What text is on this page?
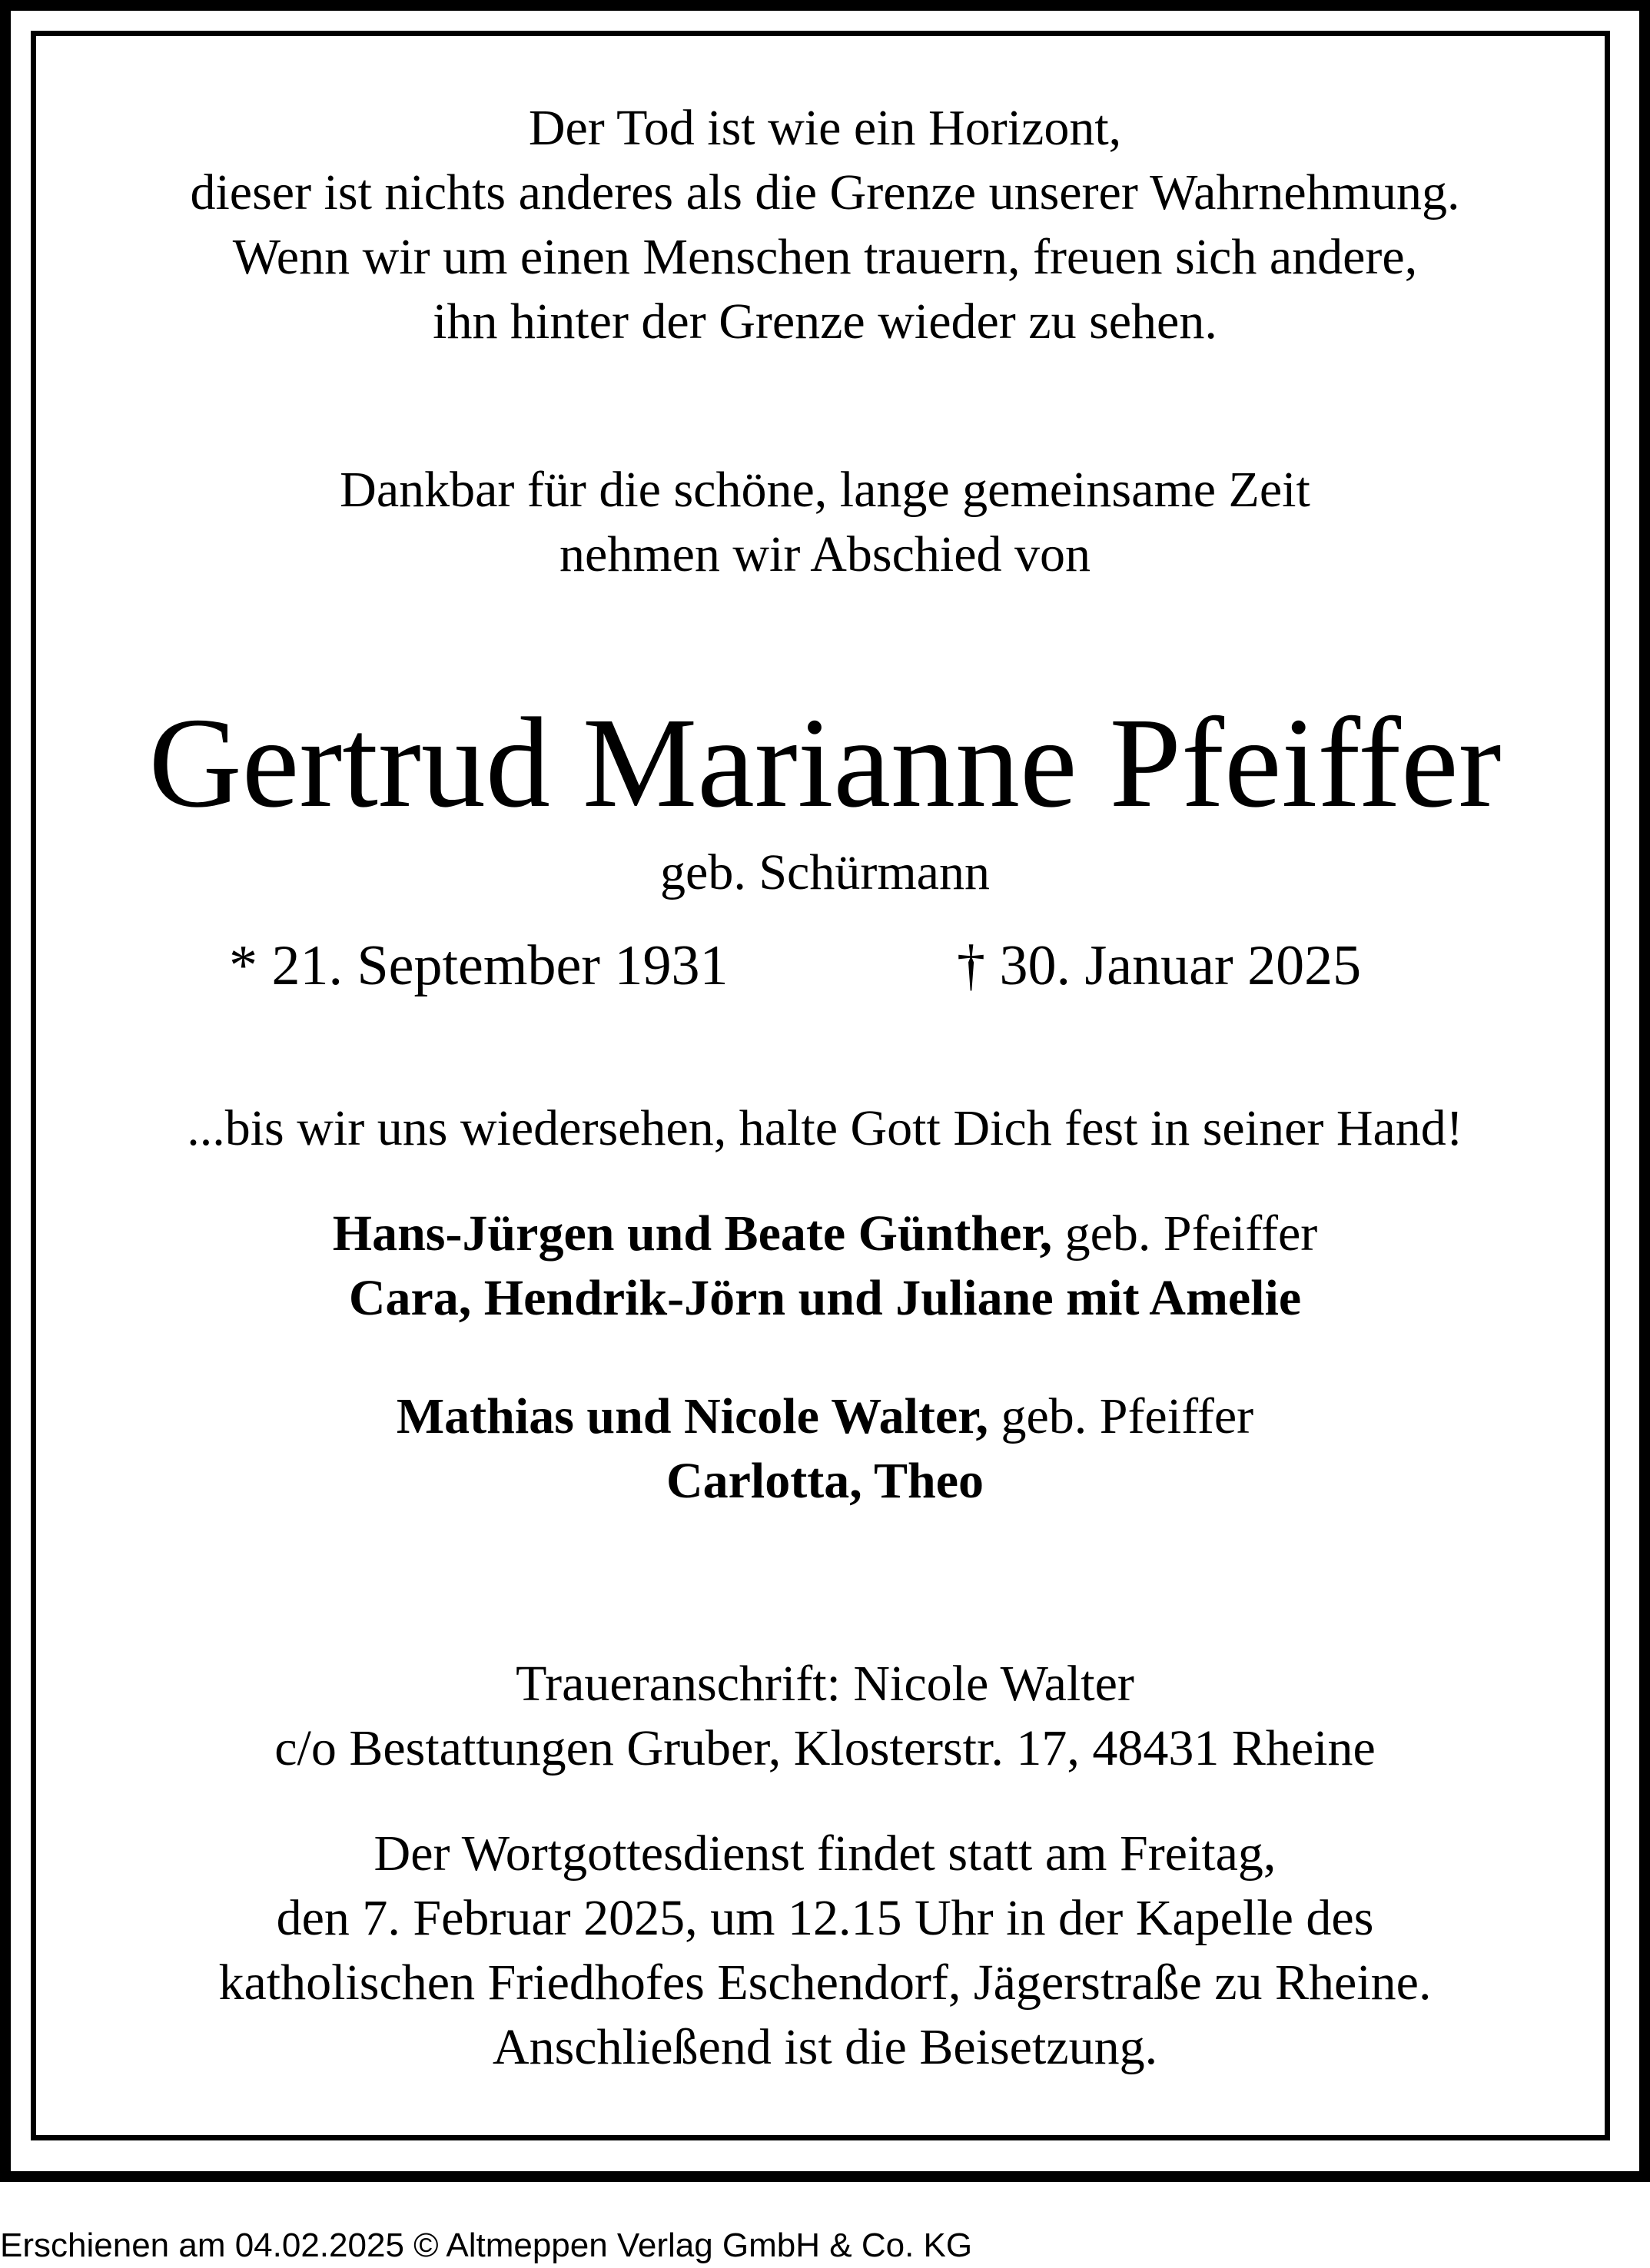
Der Tod ist wie ein Horizont,
dieser ist nichts anderes als die Grenze unserer Wahrnehmung.
Wenn wir um einen Menschen trauern, freuen sich andere,
ihn hinter der Grenze wieder zu sehen.
Dankbar für die schöne, lange gemeinsame Zeit
nehmen wir Abschied von
Gertrud Marianne Pfeiffer
geb. Schürmann
* 21. September 1931	† 30. Januar 2025
...bis wir uns wiedersehen, halte Gott Dich fest in seiner Hand!
Hans-Jürgen und Beate Günther, geb. Pfeiffer
Cara, Hendrik-Jörn und Juliane mit Amelie
Mathias und Nicole Walter, geb. Pfeiffer
Carlotta, Theo
Traueranschrift: Nicole Walter
c/o Bestattungen Gruber, Klosterstr. 17, 48431 Rheine
Der Wortgottesdienst findet statt am Freitag,
den 7. Februar 2025, um 12.15 Uhr in der Kapelle des
katholischen Friedhofes Eschendorf, Jägerstraße zu Rheine.
Anschließend ist die Beisetzung.
Erschienen am 04.02.2025 © Altmeppen Verlag GmbH & Co. KG
